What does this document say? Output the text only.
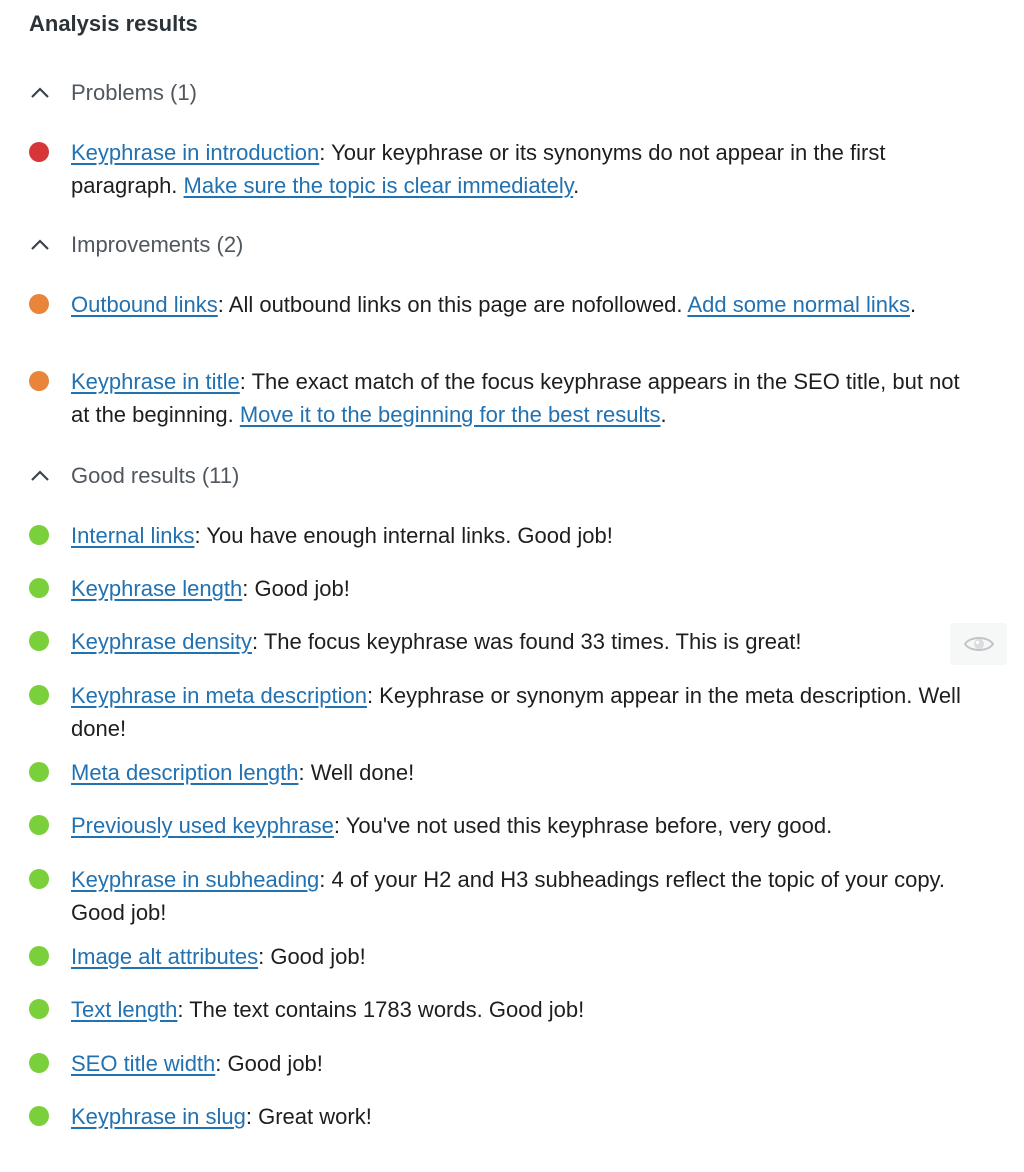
Analysis results
Problems (1)
Keyphrase in introduction: Your keyphrase or its synonyms do not appear in the first paragraph. Make sure the topic is clear immediately.
Improvements (2)
Outbound links: All outbound links on this page are nofollowed. Add some normal links.
Keyphrase in title: The exact match of the focus keyphrase appears in the SEO title, but not at the beginning. Move it to the beginning for the best results.
Good results (11)
Internal links: You have enough internal links. Good job!
Keyphrase length: Good job!
Keyphrase density: The focus keyphrase was found 33 times. This is great!
Keyphrase in meta description: Keyphrase or synonym appear in the meta description. Well done!
Meta description length: Well done!
Previously used keyphrase: You've not used this keyphrase before, very good.
Keyphrase in subheading: 4 of your H2 and H3 subheadings reflect the topic of your copy. Good job!
Image alt attributes: Good job!
Text length: The text contains 1783 words. Good job!
SEO title width: Good job!
Keyphrase in slug: Great work!
